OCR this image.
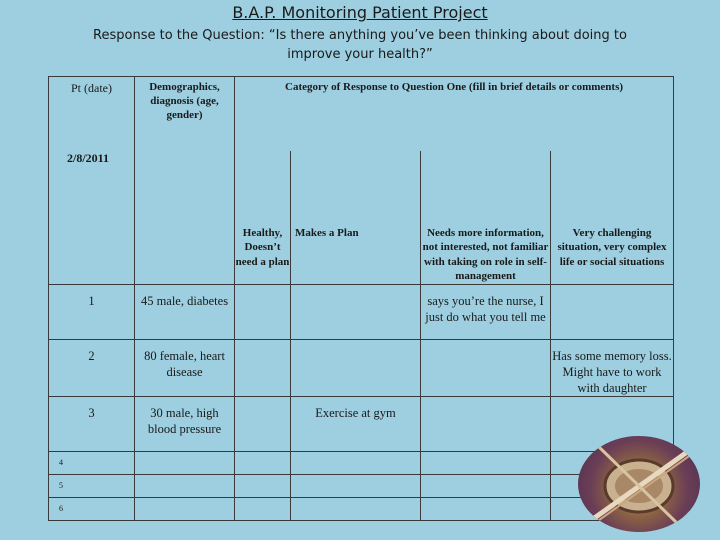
B.A.P. Monitoring Patient Project
Response to the Question: “Is there anything you’ve been thinking about doing to improve your health?”
Pt (date)	Demographics, diagnosis (age, gender)	Category of Response to Question One (fill in brief details or comments)			

2/8/2011		Healthy, Doesn’t need a plan	Makes a Plan	Needs more information, not interested, not familiar with taking on role in self-management	Very challenging situation, very complex life or social situations

1	45 male, diabetes			says you’re the nurse, I just do what you tell me	

2	80 female, heart disease				Has some memory loss. Might have to work with daughter

3	30 male, high blood pressure		Exercise at gym		

4					

5					

6					
